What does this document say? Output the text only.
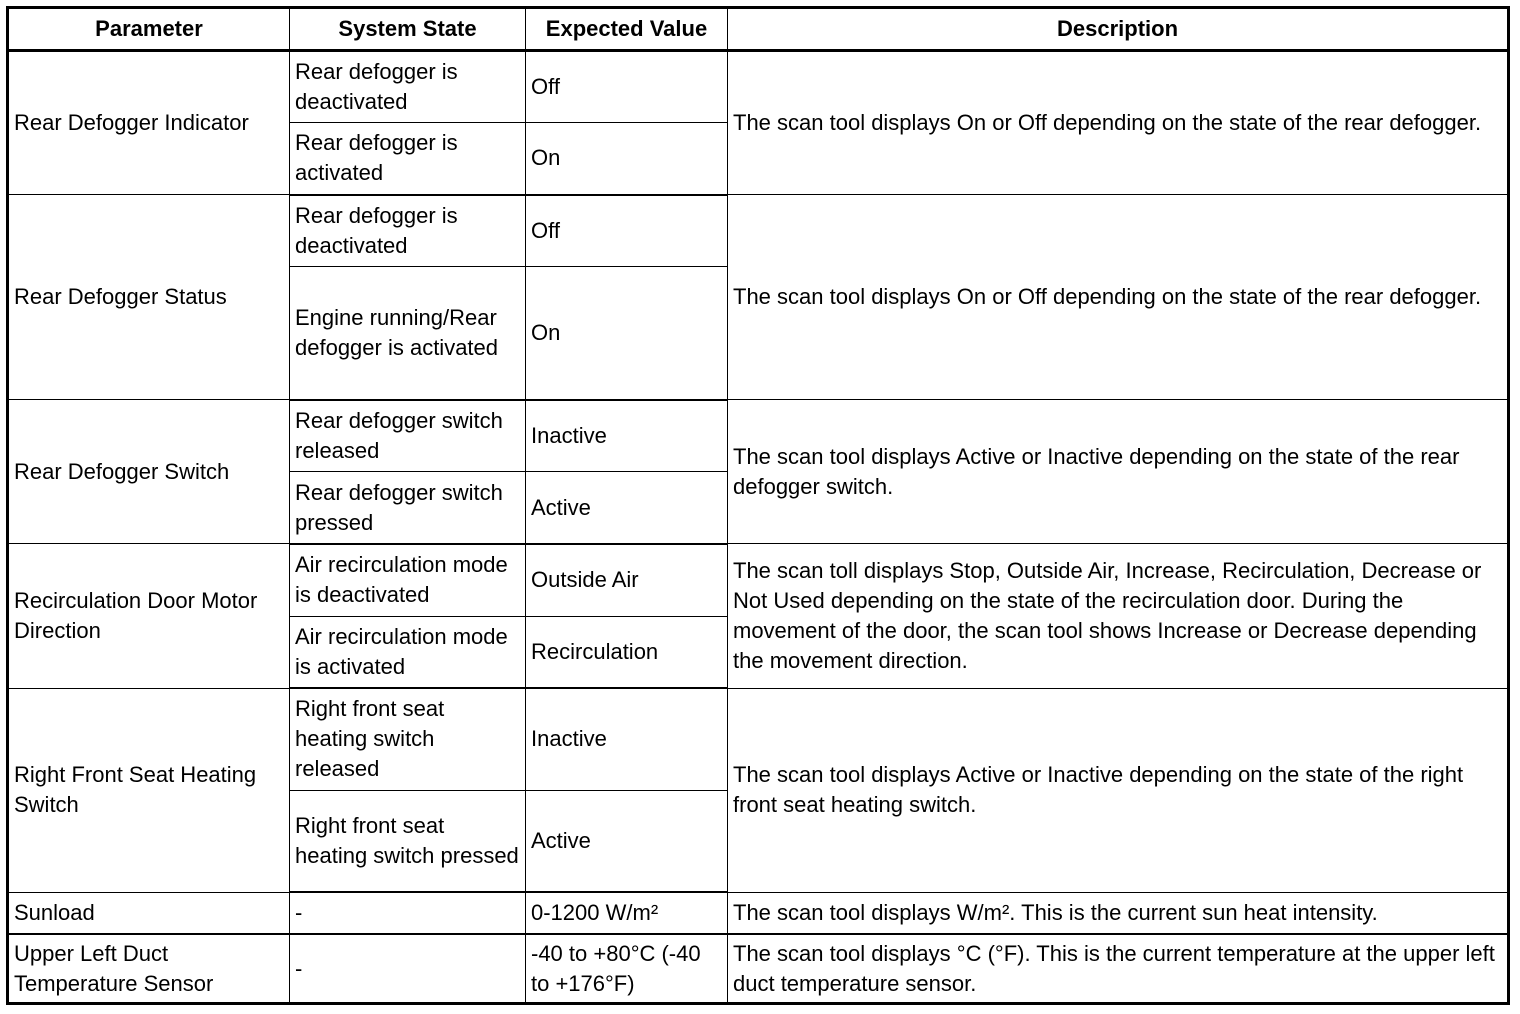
Parameter	System State	Expected Value	Description
Rear Defogger Indicator	Rear defogger is deactivated	Off	The scan tool displays On or Off depending on the state of the rear defogger.
	Rear defogger is activated	On	
Rear Defogger Status	Rear defogger is deactivated	Off	The scan tool displays On or Off depending on the state of the rear defogger.
	Engine running/Rear defogger is activated	On	
Rear Defogger Switch	Rear defogger switch released	Inactive	The scan tool displays Active or Inactive depending on the state of the rear defogger switch.
	Rear defogger switch pressed	Active	
Recirculation Door Motor Direction	Air recirculation mode is deactivated	Outside Air	The scan toll displays Stop, Outside Air, Increase, Recirculation, Decrease or Not Used depending on the state of the recirculation door. During the movement of the door, the scan tool shows Increase or Decrease depending the movement direction.
	Air recirculation mode is activated	Recirculation	
Right Front Seat Heating Switch	Right front seat heating switch released	Inactive	The scan tool displays Active or Inactive depending on the state of the right front seat heating switch.
	Right front seat heating switch pressed	Active	
Sunload	-	0-1200 W/m²	The scan tool displays W/m². This is the current sun heat intensity.
Upper Left Duct Temperature Sensor	-	-40 to +80°C (-40 to +176°F)	The scan tool displays °C (°F). This is the current temperature at the upper left duct temperature sensor.
